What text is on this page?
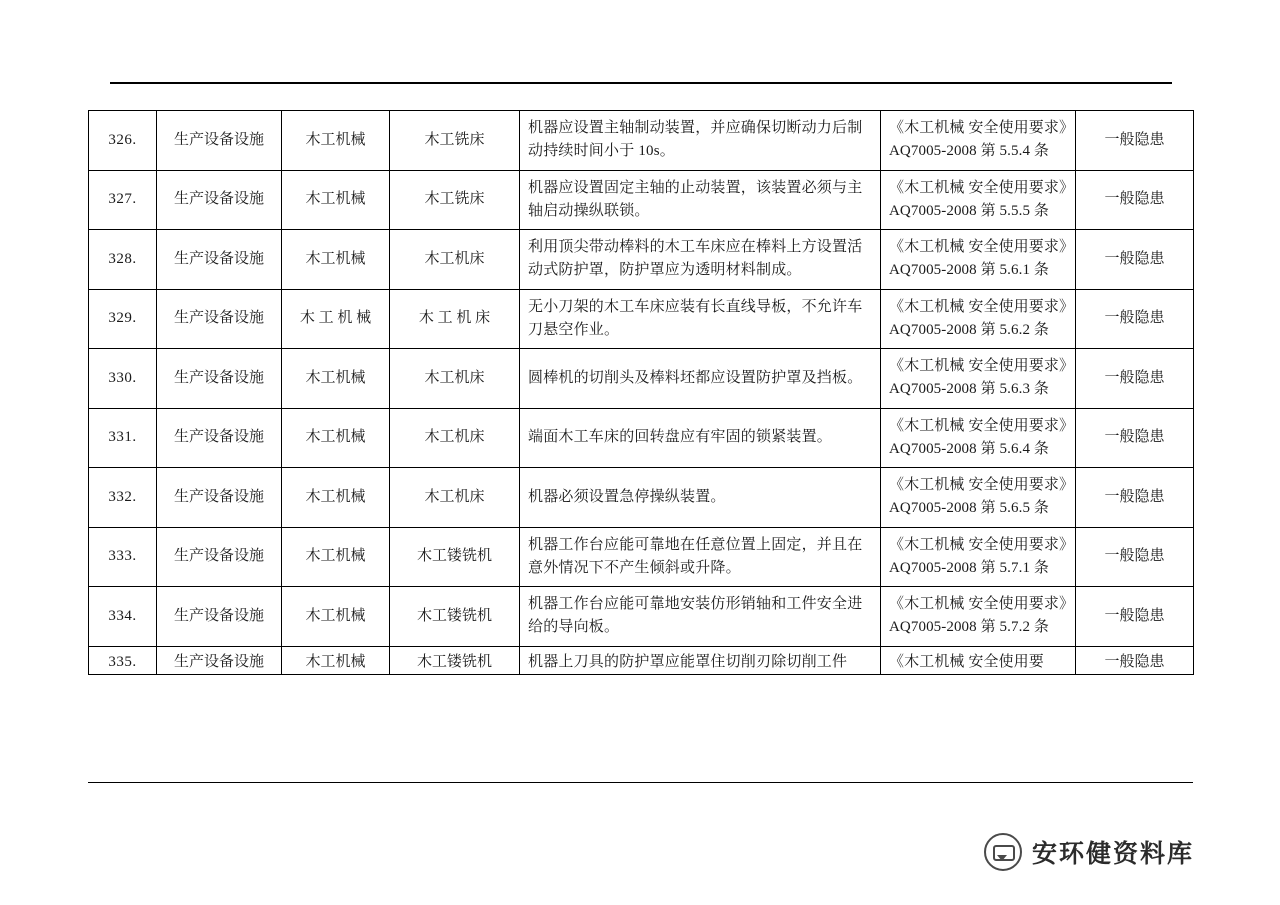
326.	生产设备设施	木工机械	木工铣床	机器应设置主轴制动装置，并应确保切断动力后制动持续时间小于 10s。	《木工机械 安全使用要求》AQ7005-2008 第 5.5.4 条	一般隐患
327.	生产设备设施	木工机械	木工铣床	机器应设置固定主轴的止动装置，该装置必须与主轴启动操纵联锁。	《木工机械 安全使用要求》AQ7005-2008 第 5.5.5 条	一般隐患
328.	生产设备设施	木工机械	木工机床	利用顶尖带动棒料的木工车床应在棒料上方设置活动式防护罩，防护罩应为透明材料制成。	《木工机械 安全使用要求》AQ7005-2008 第 5.6.1 条	一般隐患
329.	生产设备设施	木 工 机 械	木 工 机 床	无小刀架的木工车床应装有长直线导板，不允许车刀悬空作业。	《木工机械 安全使用要求》AQ7005-2008 第 5.6.2 条	一般隐患
330.	生产设备设施	木工机械	木工机床	圆棒机的切削头及棒料坯都应设置防护罩及挡板。	《木工机械 安全使用要求》AQ7005-2008 第 5.6.3 条	一般隐患
331.	生产设备设施	木工机械	木工机床	端面木工车床的回转盘应有牢固的锁紧装置。	《木工机械 安全使用要求》AQ7005-2008 第 5.6.4 条	一般隐患
332.	生产设备设施	木工机械	木工机床	机器必须设置急停操纵装置。	《木工机械 安全使用要求》AQ7005-2008 第 5.6.5 条	一般隐患
333.	生产设备设施	木工机械	木工镂铣机	机器工作台应能可靠地在任意位置上固定，并且在意外情况下不产生倾斜或升降。	《木工机械 安全使用要求》AQ7005-2008 第 5.7.1 条	一般隐患
334.	生产设备设施	木工机械	木工镂铣机	机器工作台应能可靠地安装仿形销轴和工件安全进给的导向板。	《木工机械 安全使用要求》AQ7005-2008 第 5.7.2 条	一般隐患
335.	生产设备设施	木工机械	木工镂铣机	机器上刀具的防护罩应能罩住切削刃除切削工件	《木工机械 安全使用要	一般隐患
安环健资料库
